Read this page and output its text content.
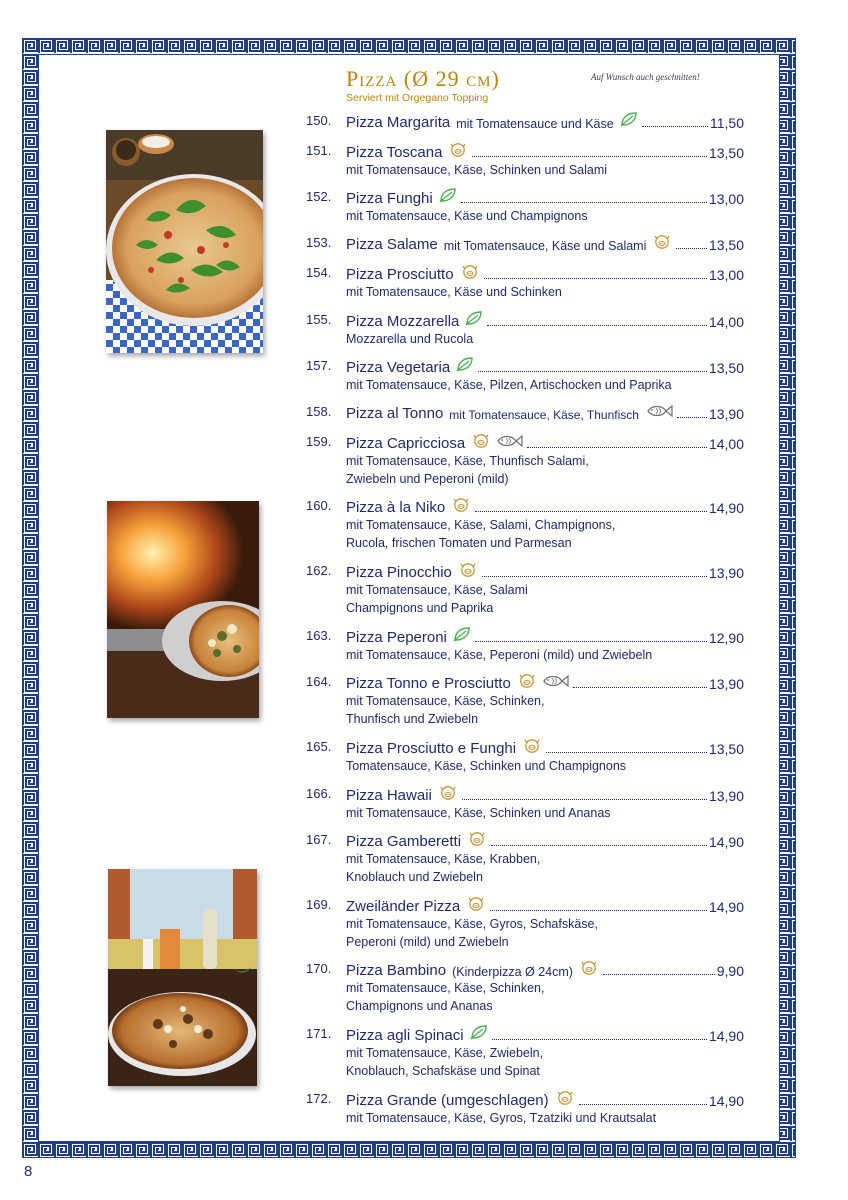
Pizza (Ø 29 cm)	Auf Wunsch auch geschnitten!
Serviert mit Orgegano Topping
150. Pizza Margarita mit Tomatensauce und Käse	11,50
151. Pizza Toscana	13,50
mit Tomatensauce, Käse, Schinken und Salami
152. Pizza Funghi	13,00
mit Tomatensauce, Käse und Champignons
153. Pizza Salame mit Tomatensauce, Käse und Salami	13,50
154. Pizza Prosciutto	13,00
mit Tomatensauce, Käse und Schinken
155. Pizza Mozzarella	14,00
Mozzarella und Rucola
157. Pizza Vegetaria	13,50
mit Tomatensauce, Käse, Pilzen, Artischocken und Paprika
158. Pizza al Tonno mit Tomatensauce, Käse, Thunfisch	13,90
159. Pizza Capricciosa	14,00
mit Tomatensauce, Käse, Thunfisch Salami,
Zwiebeln und Peperoni (mild)
160. Pizza à la Niko	14,90
mit Tomatensauce, Käse, Salami, Champignons,
Rucola, frischen Tomaten und Parmesan
162. Pizza Pinocchio	13,90
mit Tomatensauce, Käse, Salami
Champignons und Paprika
163. Pizza Peperoni	12,90
mit Tomatensauce, Käse, Peperoni (mild) und Zwiebeln
164. Pizza Tonno e Prosciutto	13,90
mit Tomatensauce, Käse, Schinken,
Thunfisch und Zwiebeln
165. Pizza Prosciutto e Funghi	13,50
Tomatensauce, Käse, Schinken und Champignons
166. Pizza Hawaii	13,90
mit Tomatensauce, Käse, Schinken und Ananas
167. Pizza Gamberetti	14,90
mit Tomatensauce, Käse, Krabben,
Knoblauch und Zwiebeln
169. Zweiländer Pizza	14,90
mit Tomatensauce, Käse, Gyros, Schafskäse,
Peperoni (mild) und Zwiebeln
170. Pizza Bambino (Kinderpizza Ø 24cm)	9,90
mit Tomatensauce, Käse, Schinken,
Champignons und Ananas
171. Pizza agli Spinaci	14,90
mit Tomatensauce, Käse, Zwiebeln,
Knoblauch, Schafskäse und Spinat
172. Pizza Grande (umgeschlagen)	14,90
mit Tomatensauce, Käse, Gyros, Tzatziki und Krautsalat
8
